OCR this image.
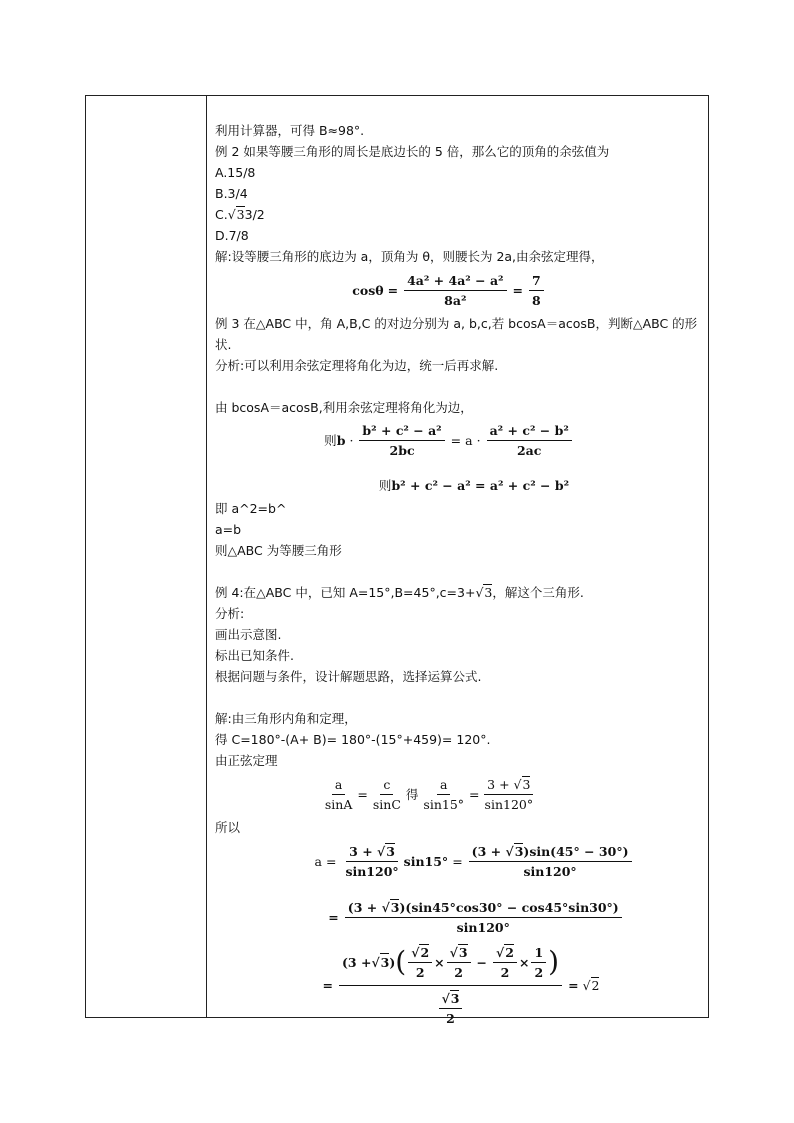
利用计算器，可得 B≈98°.
例 2 如果等腰三角形的周长是底边长的 5 倍，那么它的顶角的余弦值为
A.15/8
B.3/4
C.√33/2
D.7/8
解:设等腰三角形的底边为 a，顶角为 θ，则腰长为 2a,由余弦定理得，
$\cos\theta = \frac{\text{4a² + 4a² − a²}}{\text{8a²}} = \frac{7}{8}$
例 3 在△ABC 中，角 A,B,C 的对边分别为 a, b,c,若 bcosA＝acosB，判断△ABC 的形状.
分析:可以利用余弦定理将角化为边，统一后再求解.
由 bcosA＝acosB,利用余弦定理将角化为边，
则 $b \cdot \frac{\text{b² + c² − a²}}{2bc} = a \cdot \frac{\text{a² + c² − b²}}{2ac}$
则 b² + c² − a² = a² + c² − b²
即 a^2=b^
a=b
则△ABC 为等腰三角形
例 4:在△ABC 中，已知 A=15°,B=45°,c=3+√3，解这个三角形.
分析:
画出示意图.
标出已知条件.
根据问题与条件，设计解题思路，选择运算公式.
解:由三角形内角和定理，
得 C=180°-(A+ B)= 180°-(15°+459)= 120°.
由正弦定理
$\frac{a}{\sin A} = \frac{c}{\sin C}$ 得 $\frac{a}{\sin 15^\circ} = \frac{3 + √3}{\sin 120^\circ}$
所以
$a = \frac{3 + √3}{\sin 120^\circ} \sin 15^\circ = \frac{(3 + √3)\sin(45^\circ - 30^\circ)}{\sin 120^\circ}$
= $\frac{(3 + √3)(\sin 45^\circ\cos 30^\circ - \cos 45^\circ\sin 30^\circ)}{\sin 120^\circ}$
=
( 3 + √ 3 ) ( $\frac{√2}{2} \times \frac{√3}{2} - \frac{√2}{2} \times \frac{1}{2}$ )
$\frac{√3}{2}$
= √2
